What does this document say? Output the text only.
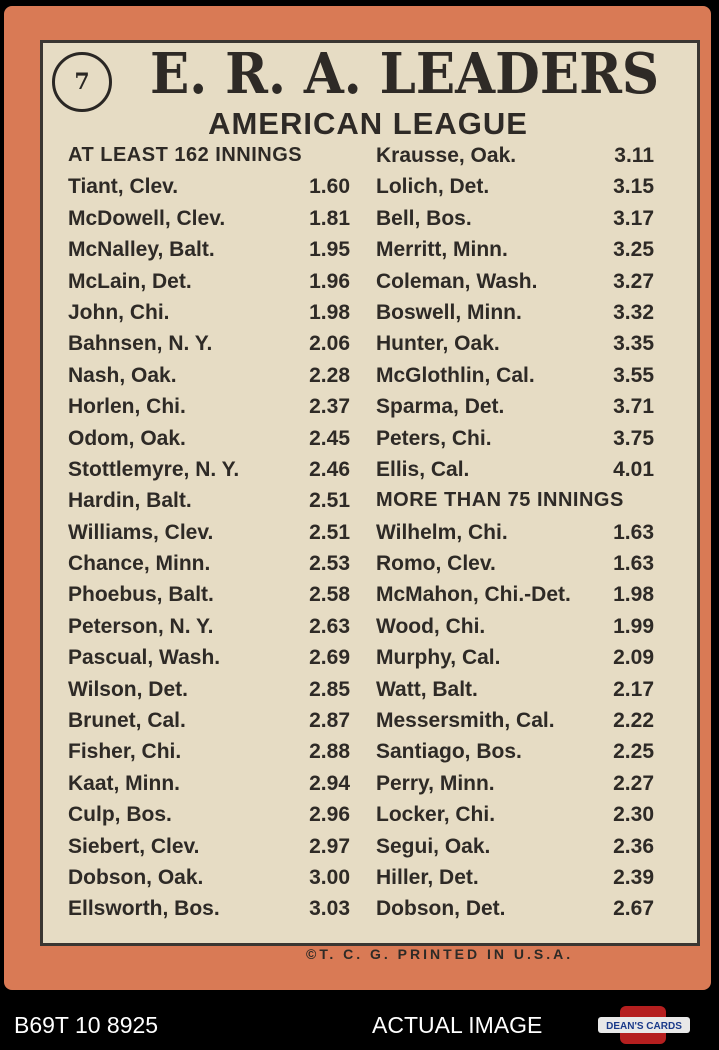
7	E. R. A. LEADERS
AMERICAN LEAGUE
AT LEAST 162 INNINGS
Tiant, Clev.	1.60
McDowell, Clev.	1.81
McNalley, Balt.	1.95
McLain, Det.	1.96
John, Chi.	1.98
Bahnsen, N. Y.	2.06
Nash, Oak.	2.28
Horlen, Chi.	2.37
Odom, Oak.	2.45
Stottlemyre, N. Y.	2.46
Hardin, Balt.	2.51
Williams, Clev.	2.51
Chance, Minn.	2.53
Phoebus, Balt.	2.58
Peterson, N. Y.	2.63
Pascual, Wash.	2.69
Wilson, Det.	2.85
Brunet, Cal.	2.87
Fisher, Chi.	2.88
Kaat, Minn.	2.94
Culp, Bos.	2.96
Siebert, Clev.	2.97
Dobson, Oak.	3.00
Ellsworth, Bos.	3.03
Krausse, Oak.	3.11
Lolich, Det.	3.15
Bell, Bos.	3.17
Merritt, Minn.	3.25
Coleman, Wash.	3.27
Boswell, Minn.	3.32
Hunter, Oak.	3.35
McGlothlin, Cal.	3.55
Sparma, Det.	3.71
Peters, Chi.	3.75
Ellis, Cal.	4.01
MORE THAN 75 INNINGS
Wilhelm, Chi.	1.63
Romo, Clev.	1.63
McMahon, Chi.-Det. 1.98
Wood, Chi.	1.99
Murphy, Cal.	2.09
Watt, Balt.	2.17
Messersmith, Cal.	2.22
Santiago, Bos.	2.25
Perry, Minn.	2.27
Locker, Chi.	2.30
Segui, Oak.	2.36
Hiller, Det.	2.39
Dobson, Det.	2.67
©T. C. G. PRINTED IN U.S.A.
B69T 10 8925	ACTUAL IMAGE	DEAN'S CARDS
